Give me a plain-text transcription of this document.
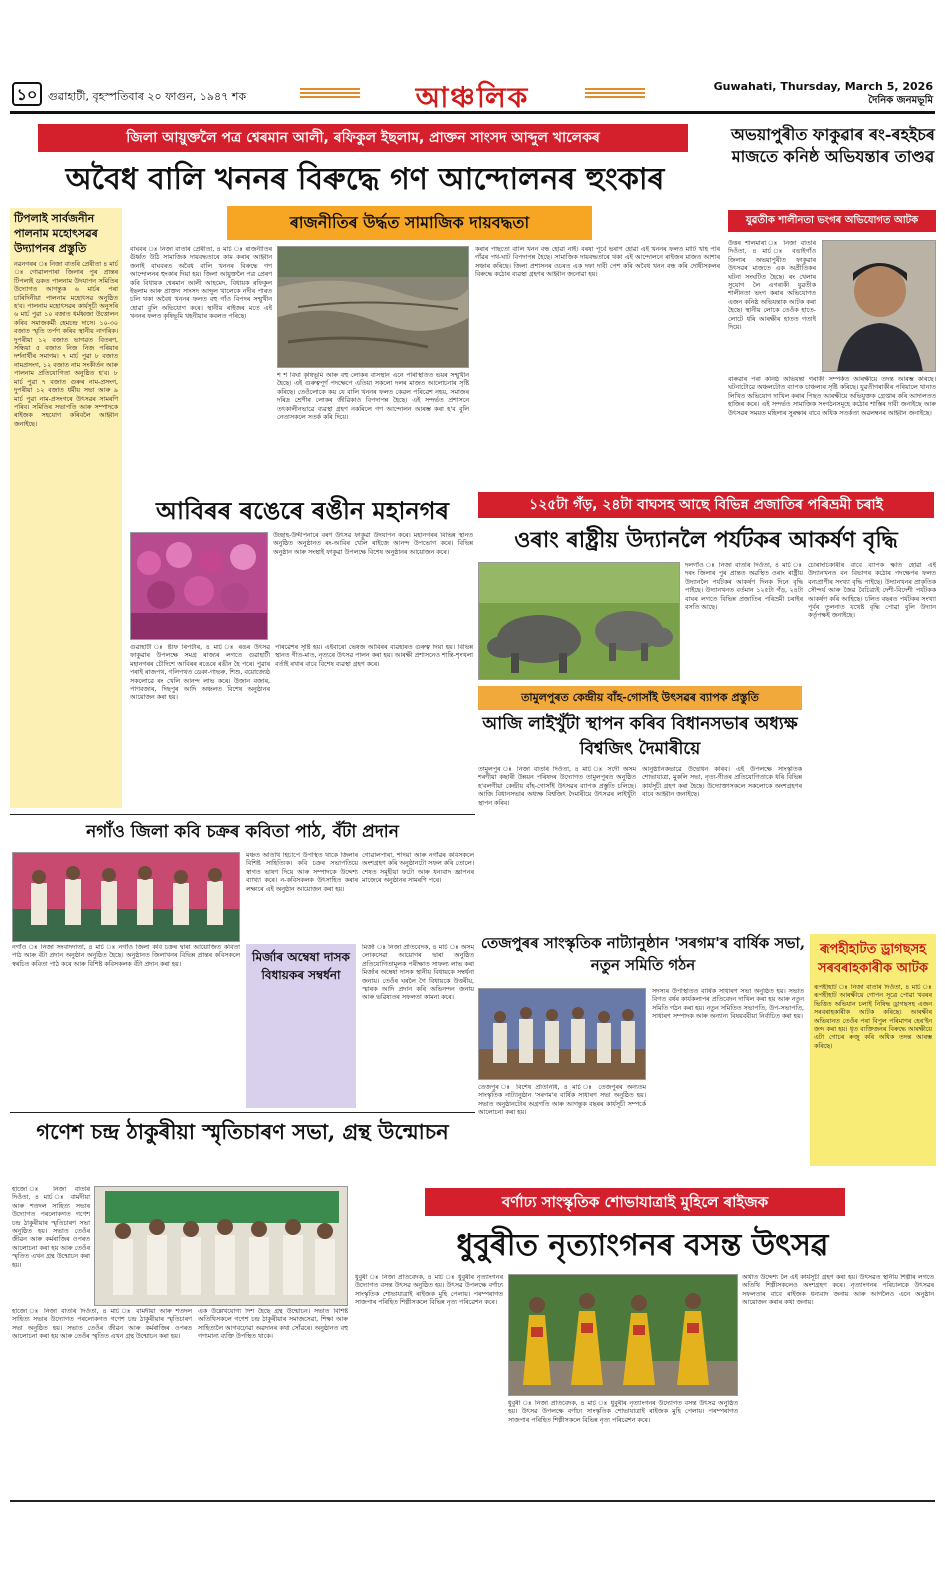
১০ গুৱাহাটী, বৃহস্পতিবাৰ ২০ ফাগুন, ১৯৪৭ শক	আঞ্চলিক	Guwahati, Thursday, March 5, 2026
দৈনিক জনমভূমি
জিলা আয়ুক্তলৈ পত্ৰ শ্বেৰমান আলী, ৰফিকুল ইছলাম, প্ৰাক্তন সাংসদ আব্দুল খালেকৰ
অবৈধ বালি খননৰ বিৰুদ্ধে গণ আন্দোলনৰ হুংকাৰ
ৰাজনীতিৰ উৰ্দ্ধত সামাজিক দায়বদ্ধতা
টিপলাই সাৰ্বজনীন পালনাম মহোৎসৱৰ উদ্যাপনৰ প্ৰস্তুতি
নৱনগৰৰ ঃ নিজা বাতৰি প্ৰেৰীতা ৪ মাৰ্চ ঃ গোৱালপাৰা জিলাৰ পুৰ প্ৰান্তৰ টিপলাই ডকত পালনাম উদযাপন সমিতিৰ উদ্যোগত আগন্তুক ৬ মাৰ্চৰ পৰা চাৰিদিনীয়া পালনাম মহোৎসৱ অনুষ্ঠিত হ'ব। পালনাম মহোৎসৱৰ কাৰ্যসূচী অনুসৰি ৬ মাৰ্চ পুৱা ১০ বজাত ধৰ্মধ্বজা উত্তোলন কৰিব সমাজকৰ্মী হেমচন্দ্ৰ দাসে। ১০-৩০ বজাত স্মৃতি তৰ্পণ কৰিব স্থানীয় নাগৰিক। দুপৰীয়া ১২ বজাত ভাগৱত বিতৰণ, সন্ধিয়া ৫ বজাত নিজ নিজ পৰিয়াৰ দৰ্শনাৰ্থীৰ সমাগম। ৭ মাৰ্চ পুৱা ৮ বজাত নামপ্ৰসংগ, ১২ বজাত নাম সংকীৰ্তন আৰু পালনাম প্ৰতিযোগিতা অনুষ্ঠিত হ'ব। ৮ মাৰ্চ পুৱা ৭ বজাত গুৰুৰ নাম-প্ৰসংগ, দুপৰীয়া ১২ বজাত ধৰ্মীয় সভা আৰু ৯ মাৰ্চ পুৱা নাম-প্ৰসংগৰে উৎসৱৰ সামৰণি পৰিব। সমিতিৰ সভাপতি আৰু সম্পাদকে ৰাইজক সহযোগ কৰিবলৈ আহ্বান জনাইছে।
বাঘবৰ ঃ নিজা বাতৰি প্ৰেৰীতা, ৪ মাৰ্চ ঃ ৰাজনীতিৰ ঊৰ্ধ্বত উঠি সামাজিক দায়বদ্ধতাৰে কাম কৰাৰ আহ্বান জনাই বাঘবৰত অবৈধ বালি খননৰ বিৰুদ্ধে গণ আন্দোলনৰ হুংকাৰ দিয়া হয়। জিলা আয়ুক্তলৈ পত্ৰ প্ৰেৰণ কৰি বিধায়ক শ্বেৰমান আলী আহমেদ, বিধায়ক ৰফিকুল ইছলাম আৰু প্ৰাক্তন সাংসদ আব্দুল খালেকে নদীৰ পাৰত চলি থকা অবৈধ খননৰ ফলত বহু গাঁও বিপদৰ সন্মুখীন হোৱা বুলি অভিযোগ কৰে। স্থানীয় ৰাইজৰ মতে এই খননৰ ফলত কৃষিভূমি খহনীয়াৰ কবলত পৰিছে।
শ শ বিঘা কৃষিভূমি আৰু বহু লোকৰ বাসস্থান এনে পৰিস্থিতিত ভয়ৰ সন্মুখীন হৈছে। এই গুৰুত্বপূৰ্ণ পদক্ষেপে এতিয়া সকলো দলৰ মাজত আলোচনাৰ সৃষ্টি কৰিছে। তেওঁলোকে কয় যে বালি খননৰ ফলত কেৱল পৰিৱেশ নহয়, সমাজৰ দৰিদ্ৰ শ্ৰেণীৰ লোকৰ জীৱিকাও বিপদাপন্ন হৈছে। এই সন্দৰ্ভত প্ৰশাসনে তৎকালীনভাৱে ব্যৱস্থা গ্ৰহণ নকৰিলে গণ আন্দোলন আৰম্ভ কৰা হ'ব বুলি নেতাসকলে সতৰ্ক কৰি দিয়ে।
কৰাৰ পাছতো বালি খনন বন্ধ হোৱা নাই। বৰষা পূৰ্বে ভৰাণ হোৱা এই খননৰ ফলত মাটি খহি পৰি গাঁৱৰ পথ-ঘাট বিপদাপন্ন হৈছে। সামাজিক দায়বদ্ধতাৰে থকা এই আন্দোলনে ৰাইজৰ মাজত আশাৰ সঞ্চাৰ কৰিছে। জিলা প্ৰশাসনৰ ওচৰত এক দফা দাবী পেশ কৰি অবৈধ খনন বন্ধ কৰি দোষীসকলৰ বিৰুদ্ধে কঠোৰ ব্যৱস্থা গ্ৰহণৰ আহ্বান জনোৱা হয়।
অভয়াপুৰীত ফাকুৱাৰ ৰং-ৰহইচৰ মাজতে কনিষ্ঠ অভিযন্তাৰ তাণ্ডৱ
যুৱতীক শালীনতা ভংগৰ অভিযোগত আটক
উত্তৰ শালমাৰা ঃ নিজা বাতৰি দিওঁতা, ৪ মাৰ্চ ঃ বঙাইগাঁও জিলাৰ অভয়াপুৰীত ফাকুৱাৰ উৎসৱৰ মাজতে এক অপ্ৰীতিকৰ ঘটনা সংঘটিত হৈছে। ৰং খেলাৰ সুযোগ লৈ এগৰাকী যুৱতীক শালীনতা ভংগ কৰাৰ অভিযোগত এজন কনিষ্ঠ অভিযন্তাক আটক কৰা হৈছে। স্থানীয় লোকে তেওঁক হাতে-লোটে ধৰি আৰক্ষীৰ হাতত গতাই দিয়ে।
বাৰুৱাৰ পৰা কনিষ্ঠ অভিযন্তা গৰাকী সম্পৰ্কত আৰক্ষীয়ে তদন্ত আৰম্ভ কৰিছে। ঘটনাটোৱে অঞ্চলটোত ব্যাপক চাঞ্চল্যৰ সৃষ্টি কৰিছে। যুৱতীগৰাকীৰ পৰিয়ালে থানাত লিখিত অভিযোগ দাখিল কৰাৰ পিছত আৰক্ষীয়ে অভিযুক্তক গ্ৰেপ্তাৰ কৰি আদালতত হাজিৰ কৰে। এই সন্দৰ্ভত সামাজিক সংগঠনসমূহে কঠোৰ শাস্তিৰ দাবী জনাইছে আৰু উৎসৱৰ সময়ত মহিলাৰ সুৰক্ষাৰ বাবে অধিক সতৰ্কতা অৱলম্বনৰ আহ্বান জনাইছে।
আবিৰৰ ৰঙেৰে ৰঙীন মহানগৰ
উচ্ছাহ-উদ্দীপনাৰে বৰণ উৎসৱ ফাকুৱা উদযাপন কৰে। মহানগৰৰ বিভিন্ন স্থানত অনুষ্ঠিত অনুষ্ঠানত ৰং-আবিৰ খেলি ৰাইজে আনন্দ উপভোগ কৰে। বিভিন্ন অনুষ্ঠান আৰু সংস্থাই ফাকুৱা উপলক্ষে বিশেষ অনুষ্ঠানৰ আয়োজন কৰে।
গুৱাহাটী ঃ ষ্টাফ ৰিপৰ্টাৰ, ৪ মাৰ্চ ঃ ৰঙৰ উৎসৱ ফাকুৱাৰ উপলক্ষে সমগ্ৰ ৰাজ্যৰ লগতে গুৱাহাটী মহানগৰৰ চৌদিশে আবিৰৰ ৰঙেৰে ৰঙীন হৈ পৰে। পুৱাৰ পৰাই ৰাজপথ, গলিপথত ডেকা-গাভৰু, শিশু, বয়োজ্যেষ্ঠ সকলোৱে ৰং খেলি আনন্দ লাভ কৰে। উজান বজাৰ, পাণবজাৰ, দিছপুৰ আদি অঞ্চলত বিশেষ অনুষ্ঠানৰ আয়োজন কৰা হয়।
পৰিৱেশৰ সৃষ্টি হয়। এইবাৰো ভেষজ আবিৰৰ ব্যৱহাৰত গুৰুত্ব দিয়া হয়। বিভিন্ন স্থানত গীত-মাত, নৃত্যৰে উৎসৱ পালন কৰা হয়। আৰক্ষী প্ৰশাসনেও শান্তি-শৃংখলা বৰ্তাই ৰখাৰ বাবে বিশেষ ব্যৱস্থা গ্ৰহণ কৰে।
১২৫টা গঁড়, ২৪টা বাঘসহ আছে বিভিন্ন প্ৰজাতিৰ পৰিভ্ৰমী চৰাই
ওৰাং ৰাষ্ট্ৰীয় উদ্যানলৈ পৰ্যটকৰ আকৰ্ষণ বৃদ্ধি
দলগাঁও ঃ নিজা বাতৰি দিওঁতা, ৪ মাৰ্চ ঃ দৰং জিলাৰ পুৰ প্ৰান্তত অৱস্থিত ওৰাং ৰাষ্ট্ৰীয় উদ্যানলৈ পৰ্যটকৰ আকৰ্ষণ দিনক দিনে বৃদ্ধি পাইছে। উদ্যানখনত বৰ্তমান ১২৫টা গঁড়, ২৪টা বাঘৰ লগতে বিভিন্ন প্ৰজাতিৰ পৰিভ্ৰমী চৰাইৰ বসতি আছে।
চোৰাংচিকাৰীৰ বাবে ব্যাপক ক্ষতি হোৱা এই উদ্যানখনত বন বিভাগৰ কঠোৰ পদক্ষেপৰ ফলত বন্যপ্ৰাণীৰ সংখ্যা বৃদ্ধি পাইছে। উদ্যানখনৰ প্ৰাকৃতিক সৌন্দৰ্য আৰু জৈৱ বৈচিত্ৰ্যই দেশী-বিদেশী পৰ্যটকক আকৰ্ষণ কৰি আহিছে। চলিত বছৰত পৰ্যটকৰ সংখ্যা পূৰ্বৰ তুলনাত যথেষ্ট বৃদ্ধি পোৱা বুলি উদ্যান কৰ্তৃপক্ষই জনাইছে।
তামুলপুৰত কেন্দ্ৰীয় বাঁহ-গোসাঁই উৎসৱৰ ব্যাপক প্ৰস্তুতি
আজি লাইখুঁটা স্থাপন কৰিব বিধানসভাৰ অধ্যক্ষ বিশ্বজিৎ দৈমাৰীয়ে
তামুলপুৰ ঃ নিজা বাতৰি দিওঁতা, ৪ মাৰ্চ ঃ সদৌ অসম শৰণীয়া কছাৰী উন্নয়ন পৰিষদৰ উদ্যোগত তামুলপুৰত অনুষ্ঠিত হ'বলগীয়া কেন্দ্ৰীয় বাঁহ-গোসাঁই উৎসৱৰ ব্যাপক প্ৰস্তুতি চলিছে। আজি বিধানসভাৰ অধ্যক্ষ বিশ্বজিৎ দৈমাৰীয়ে উৎসৱৰ লাইখুঁটা স্থাপন কৰিব।
আনুষ্ঠানিকভাৱে উদ্বোধন কৰিব। এই উপলক্ষে সাংস্কৃতিক শোভাযাত্ৰা, মুকলি সভা, নৃত্য-গীতৰ প্ৰতিযোগিতাকে ধৰি বিভিন্ন কাৰ্যসূচী গ্ৰহণ কৰা হৈছে। উদ্যোক্তাসকলে সকলোকে অংশগ্ৰহণৰ বাবে আহ্বান জনাইছে।
নগাঁও জিলা কবি চক্ৰৰ কবিতা পাঠ, বঁটা প্ৰদান
মঞ্চত অতিথি হিচাপে উপস্থিত থাকে জিলাৰ বিশিষ্ট সাহিত্যিক। কবি চক্ৰৰ সভাপতিয়ে স্বাগত ভাষণ দিয়ে আৰু সম্পাদকে উদ্দেশ্য ব্যাখ্যা কৰে। ন-কবিসকলক উৎসাহিত কৰাৰ লক্ষ্যৰে এই অনুষ্ঠান আয়োজন কৰা হয়।
গোৱালপাৰা, শদিয়া আৰু নগাঁৱৰ কবিসকলে অংশগ্ৰহণ কৰি অনুষ্ঠানটো সফল কৰি তোলে। শেষত সমূহীয়া ফটো আৰু ধন্যবাদ জ্ঞাপনৰ মাজেৰে অনুষ্ঠানৰ সামৰণি পৰে।
নগাঁও ঃ নিজা সংবাদদাতা, ৪ মাৰ্চ ঃ নগাঁও জিলা কবি চক্ৰৰ দ্বাৰা আয়োজিত কবিতা পাঠ আৰু বঁটা প্ৰদান অনুষ্ঠান অনুষ্ঠিত হৈছে। অনুষ্ঠানত জিলাখনৰ বিভিন্ন প্ৰান্তৰ কবিসকলে স্বৰচিত কবিতা পাঠ কৰে আৰু বিশিষ্ট কবিসকলক বঁটা প্ৰদান কৰা হয়।
মিৰ্জাৰ অম্বেষা দাসক বিধায়কৰ সম্বৰ্ধনা
মিৰ্জা ঃ নিজা প্ৰতিবেদক, ৪ মাৰ্চ ঃ অসম লোকসেৱা আয়োগৰ দ্বাৰা অনুষ্ঠিত প্ৰতিযোগিতামূলক পৰীক্ষাত সাফল্য লাভ কৰা মিৰ্জাৰ অম্বেষা দাসক স্থানীয় বিধায়কে সম্বৰ্ধনা জনায়। তেওঁৰ ঘৰলৈ গৈ বিধায়কে উত্তৰীয়, স্মাৰক আদি প্ৰদান কৰি অভিনন্দন জনায় আৰু ভৱিষ্যতৰ সফলতা কামনা কৰে।
তেজপুৰৰ সাংস্কৃতিক নাট্যানুষ্ঠান 'সৰগম'ৰ বাৰ্ষিক সভা, নতুন সমিতি গঠন
সদস্যৰ উপস্থিতিত বাৰ্ষিক সাধাৰণ সভা অনুষ্ঠিত হয়। সভাত বিগত বৰ্ষৰ কাৰ্যকলাপৰ প্ৰতিবেদন দাখিল কৰা হয় আৰু নতুন সমিতি গঠন কৰা হয়। নতুন সমিতিত সভাপতি, উপ-সভাপতি, সাধাৰণ সম্পাদক আৰু অন্যান্য বিষয়ববীয়া নিৰ্বাচিত কৰা হয়।
তেজপুৰ ঃ বিশেষ প্ৰতিনিধি, ৪ মাৰ্চ ঃ তেজপুৰৰ অন্যতম সাংস্কৃতিক নাট্যানুষ্ঠান 'সৰগম'ৰ বাৰ্ষিক সাধাৰণ সভা অনুষ্ঠিত হয়। সভাত অনুষ্ঠানটোৰ অগ্ৰগতি আৰু আগন্তুক বছৰৰ কাৰ্যসূচী সম্পৰ্কে আলোচনা কৰা হয়।
ৰূপহীহাটত ড্ৰাগছসহ সৰবৰাহকাৰীক আটক
ৰূপহীহাট ঃ নিজা বাতৰি দিওঁতা, ৪ মাৰ্চ ঃ ৰূপহীহাট আৰক্ষীয়ে গোপন সূত্ৰে পোৱা খবৰৰ ভিত্তিত অভিযান চলাই নিষিদ্ধ ড্ৰাগছসহ এজন সৰবৰাহকাৰীক আটক কৰিছে। আৰক্ষীৰ অভিযানত তেওঁৰ পৰা বিপুল পৰিমাণৰ হেৰ'ইন জব্দ কৰা হয়। ধৃত ব্যক্তিজনৰ বিৰুদ্ধে আৰক্ষীয়ে এটা গোচৰ ৰুজু কৰি অধিক তদন্ত আৰম্ভ কৰিছে।
গণেশ চন্দ্ৰ ঠাকুৰীয়া স্মৃতিচাৰণ সভা, গ্ৰন্থ উন্মোচন
হাজো ঃ নিজা বাতৰি দিওঁতা, ৪ মাৰ্চ ঃ বামদীয়া আৰু শতদল সাহিত্য সভাৰ উদ্যোগত পৰলোকগত গণেশ চন্দ্ৰ ঠাকুৰীয়াৰ স্মৃতিচাৰণ সভা অনুষ্ঠিত হয়। সভাত তেওঁৰ জীৱন আৰু কৰ্মৰাজিৰ ওপৰত আলোচনা কৰা হয় আৰু তেওঁৰ স্মৃতিত এখন গ্ৰন্থ উন্মোচন কৰা হয়।
হাজো ঃ নিজা বাতৰি দিওঁতা, ৪ মাৰ্চ ঃ বামদীয়া আৰু শতদল সাহিত্য সভাৰ উদ্যোগত পৰলোকগত গণেশ চন্দ্ৰ ঠাকুৰীয়াৰ স্মৃতিচাৰণ সভা অনুষ্ঠিত হয়। সভাত তেওঁৰ জীৱন আৰু কৰ্মৰাজিৰ ওপৰত আলোচনা কৰা হয় আৰু তেওঁৰ স্মৃতিত এখন গ্ৰন্থ উন্মোচন কৰা হয়।
এক উল্লেখযোগ্য দিশ হৈছে গ্ৰন্থ উন্মোচন। সভাত বিশিষ্ট অতিথিসকলে গণেশ চন্দ্ৰ ঠাকুৰীয়াৰ সমাজসেৱা, শিক্ষা আৰু সাহিত্যলৈ আগবঢ়োৱা অৱদানৰ কথা সোঁৱৰে। অনুষ্ঠানত বহু গণ্যমান্য ব্যক্তি উপস্থিত থাকে।
বৰ্ণাঢ্য সাংস্কৃতিক শোভাযাত্ৰাই মুহিলে ৰাইজক
ধুবুৰীত নৃত্যাংগনৰ বসন্ত উৎসৱ
ধুবুৰী ঃ নিজা প্ৰতিবেদক, ৪ মাৰ্চ ঃ ধুবুৰীৰ নৃত্যাংগনৰ উদ্যোগত বসন্ত উৎসৱ অনুষ্ঠিত হয়। উৎসৱ উপলক্ষে বৰ্ণাঢ্য সাংস্কৃতিক শোভাযাত্ৰাই ৰাইজক মুহি পেলায়। পৰম্পৰাগত সাজপাৰ পৰিহিত শিল্পীসকলে বিভিন্ন নৃত্য পৰিৱেশন কৰে।
অৰ্থাত উদ্দেশ্য লৈ এই কাৰ্যসূচী গ্ৰহণ কৰা হয়। উৎসৱত স্থানীয় শিল্পীৰ লগতে অতিথি শিল্পীসকলেও অংশগ্ৰহণ কৰে। নৃত্যাংগনৰ পৰিচালকে উৎসৱৰ সফলতাৰ বাবে ৰাইজক ধন্যবাদ জনায় আৰু আগলৈও এনে অনুষ্ঠান আয়োজন কৰাৰ কথা জনায়।
ধুবুৰী ঃ নিজা প্ৰতিবেদক, ৪ মাৰ্চ ঃ ধুবুৰীৰ নৃত্যাংগনৰ উদ্যোগত বসন্ত উৎসৱ অনুষ্ঠিত হয়। উৎসৱ উপলক্ষে বৰ্ণাঢ্য সাংস্কৃতিক শোভাযাত্ৰাই ৰাইজক মুহি পেলায়। পৰম্পৰাগত সাজপাৰ পৰিহিত শিল্পীসকলে বিভিন্ন নৃত্য পৰিৱেশন কৰে।
